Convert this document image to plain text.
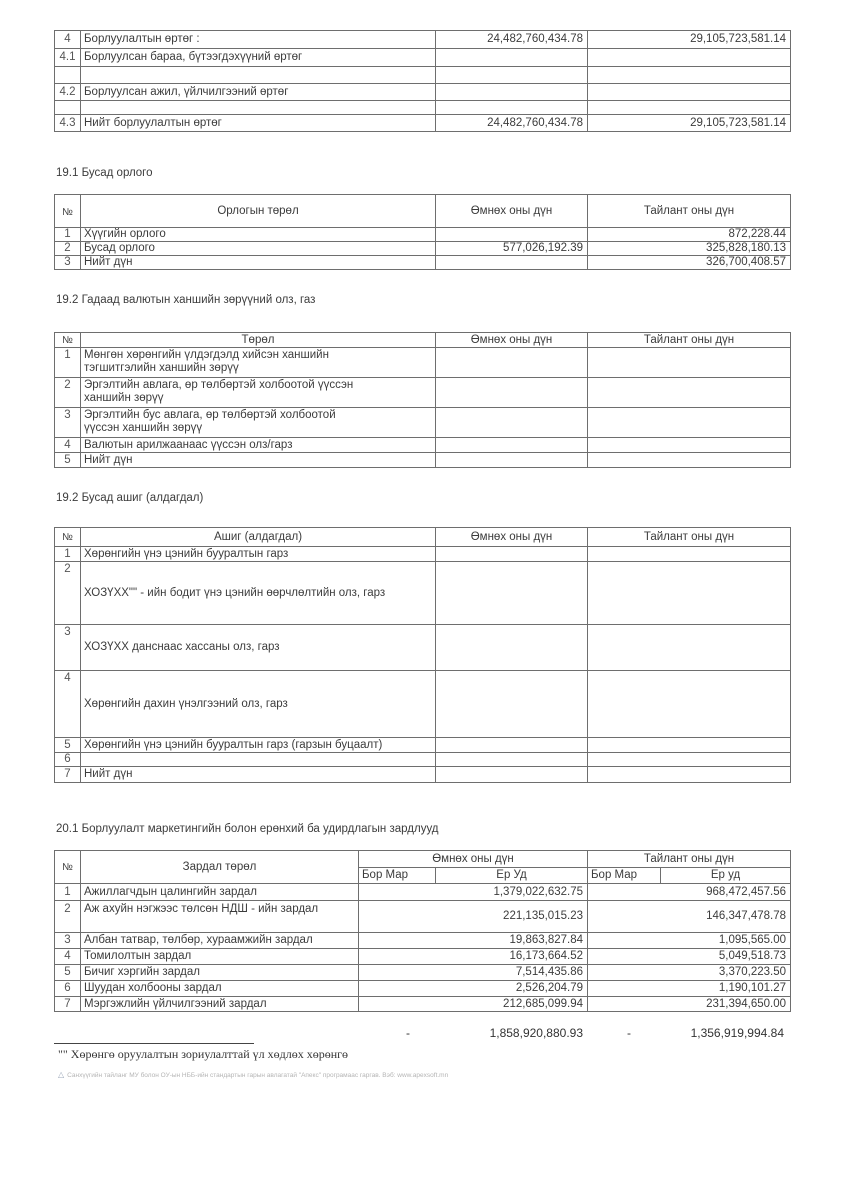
4	Борлуулалтын өртөг :	24,482,760,434.78	29,105,723,581.14
4.1	Борлуулсан бараа, бүтээгдэхүүний өртөг		

4.2	Борлуулсан ажил, үйлчилгээний өртөг		

4.3	Нийт борлуулалтын өртөг	24,482,760,434.78	29,105,723,581.14
19.1 Бусад орлого
№	Орлогын төрөл	Өмнөх оны дүн	Тайлант оны дүн
1	Хүүгийн орлого		872,228.44
2	Бусад орлого	577,026,192.39	325,828,180.13
3	Нийт дүн		326,700,408.57
19.2 Гадаад валютын ханшийн зөрүүний олз, газ
№	Төрөл	Өмнөх оны дүн	Тайлант оны дүн
1	Мөнгөн хөрөнгийн үлдэгдэлд хийсэн ханшийн тэгшитгэлийн ханшийн зөрүү		
2	Эргэлтийн авлага, өр төлбөртэй холбоотой үүссэн ханшийн зөрүү		
3	Эргэлтийн бус авлага, өр төлбөртэй холбоотой үүссэн ханшийн зөрүү		
4	Валютын арилжаанаас үүссэн олз/гарз		
5	Нийт дүн		
19.2 Бусад ашиг (алдагдал)
№	Ашиг (алдагдал)	Өмнөх оны дүн	Тайлант оны дүн
1	Хөрөнгийн үнэ цэнийн бууралтын гарз		
2	ХОЗҮХХ"" - ийн бодит үнэ цэнийн өөрчлөлтийн олз, гарз		
3	ХОЗҮХХ данснаас хассаны олз, гарз		
4	Хөрөнгийн дахин үнэлгээний олз, гарз		
5	Хөрөнгийн үнэ цэнийн бууралтын гарз (гарзын буцаалт)		
6			
7	Нийт дүн		
20.1 Борлуулалт маркетингийн болон ерөнхий ба удирдлагын зардлууд
№	Зардал төрөл	Өмнөх оны дүн		Тайлант оны дүн	
		Бор Мар	Ер Уд	Бор Мар	Ер уд
1	Ажиллагчдын цалингийн зардал		1,379,022,632.75		968,472,457.56
2	Аж ахуйн нэгжээс төлсөн НДШ - ийн зардал		221,135,015.23		146,347,478.78
3	Албан татвар, төлбөр, хураамжийн зардал		19,863,827.84		1,095,565.00
4	Томилолтын зардал		16,173,664.52		5,049,518.73
5	Бичиг хэргийн зардал		7,514,435.86		3,370,223.50
6	Шуудан холбооны зардал		2,526,204.79		1,190,101.27
7	Мэргэжлийн үйлчилгээний зардал		212,685,099.94		231,394,650.00
-	1,858,920,880.93	-	1,356,919,994.84
"" Хөрөнгө оруулалтын зориулалттай үл хөдлөх хөрөнгө
△ Санхүүгийн тайланг МУ болон ОУ-ын НББ-ийн стандартын гарын авлагатай "Апекс" програмаас гаргав. Вэб: www.apexsoft.mn
